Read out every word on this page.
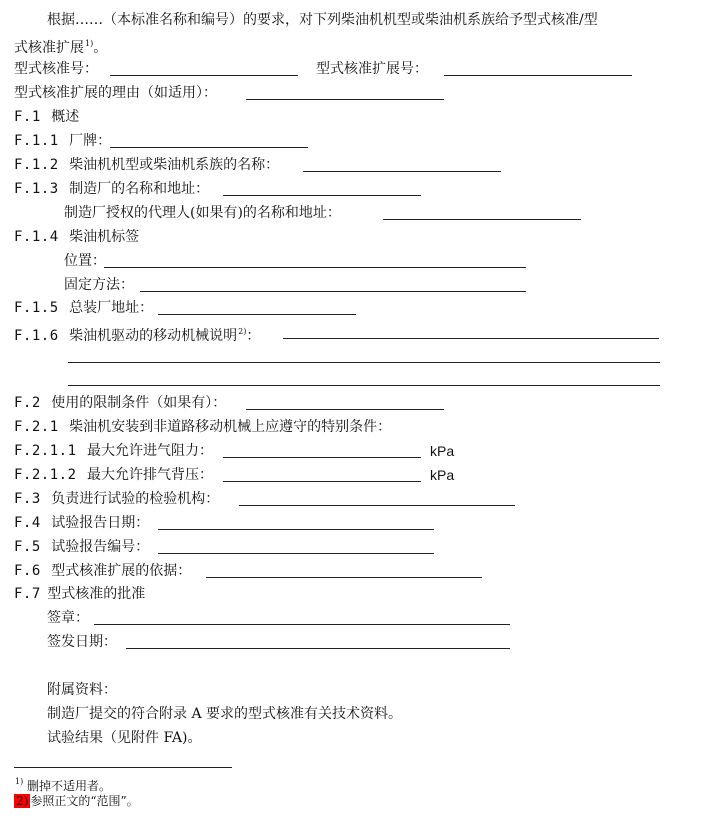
根据……（本标准名称和编号）的要求，对下列柴油机机型或柴油机系族给予型式核准/型
式核准扩展$^{1)}$。
型式核准号：	型式核准扩展号：
型式核准扩展的理由（如适用）：
F.1 概述
F.1.1 厂牌：
F.1.2 柴油机机型或柴油机系族的名称：
F.1.3 制造厂的名称和地址：
制造厂授权的代理人(如果有)的名称和地址：
F.1.4 柴油机标签
位置：
固定方法：
F.1.5 总装厂地址：
F.1.6 柴油机驱动的移动机械说明$^{2)}$：
F.2 使用的限制条件（如果有）：
F.2.1 柴油机安装到非道路移动机械上应遵守的特别条件：
F.2.1.1 最大允许进气阻力：	kPa
F.2.1.2 最大允许排气背压：	kPa
F.3 负责进行试验的检验机构：
F.4 试验报告日期：
F.5 试验报告编号：
F.6 型式核准扩展的依据：
F.7 型式核准的批准
签章：
签发日期：
附属资料：
制造厂提交的符合附录 A 要求的型式核准有关技术资料。
试验结果（见附件 FA)。
$^{1)}$ 删掉不适用者。
2) 参照正文的“范围”。
